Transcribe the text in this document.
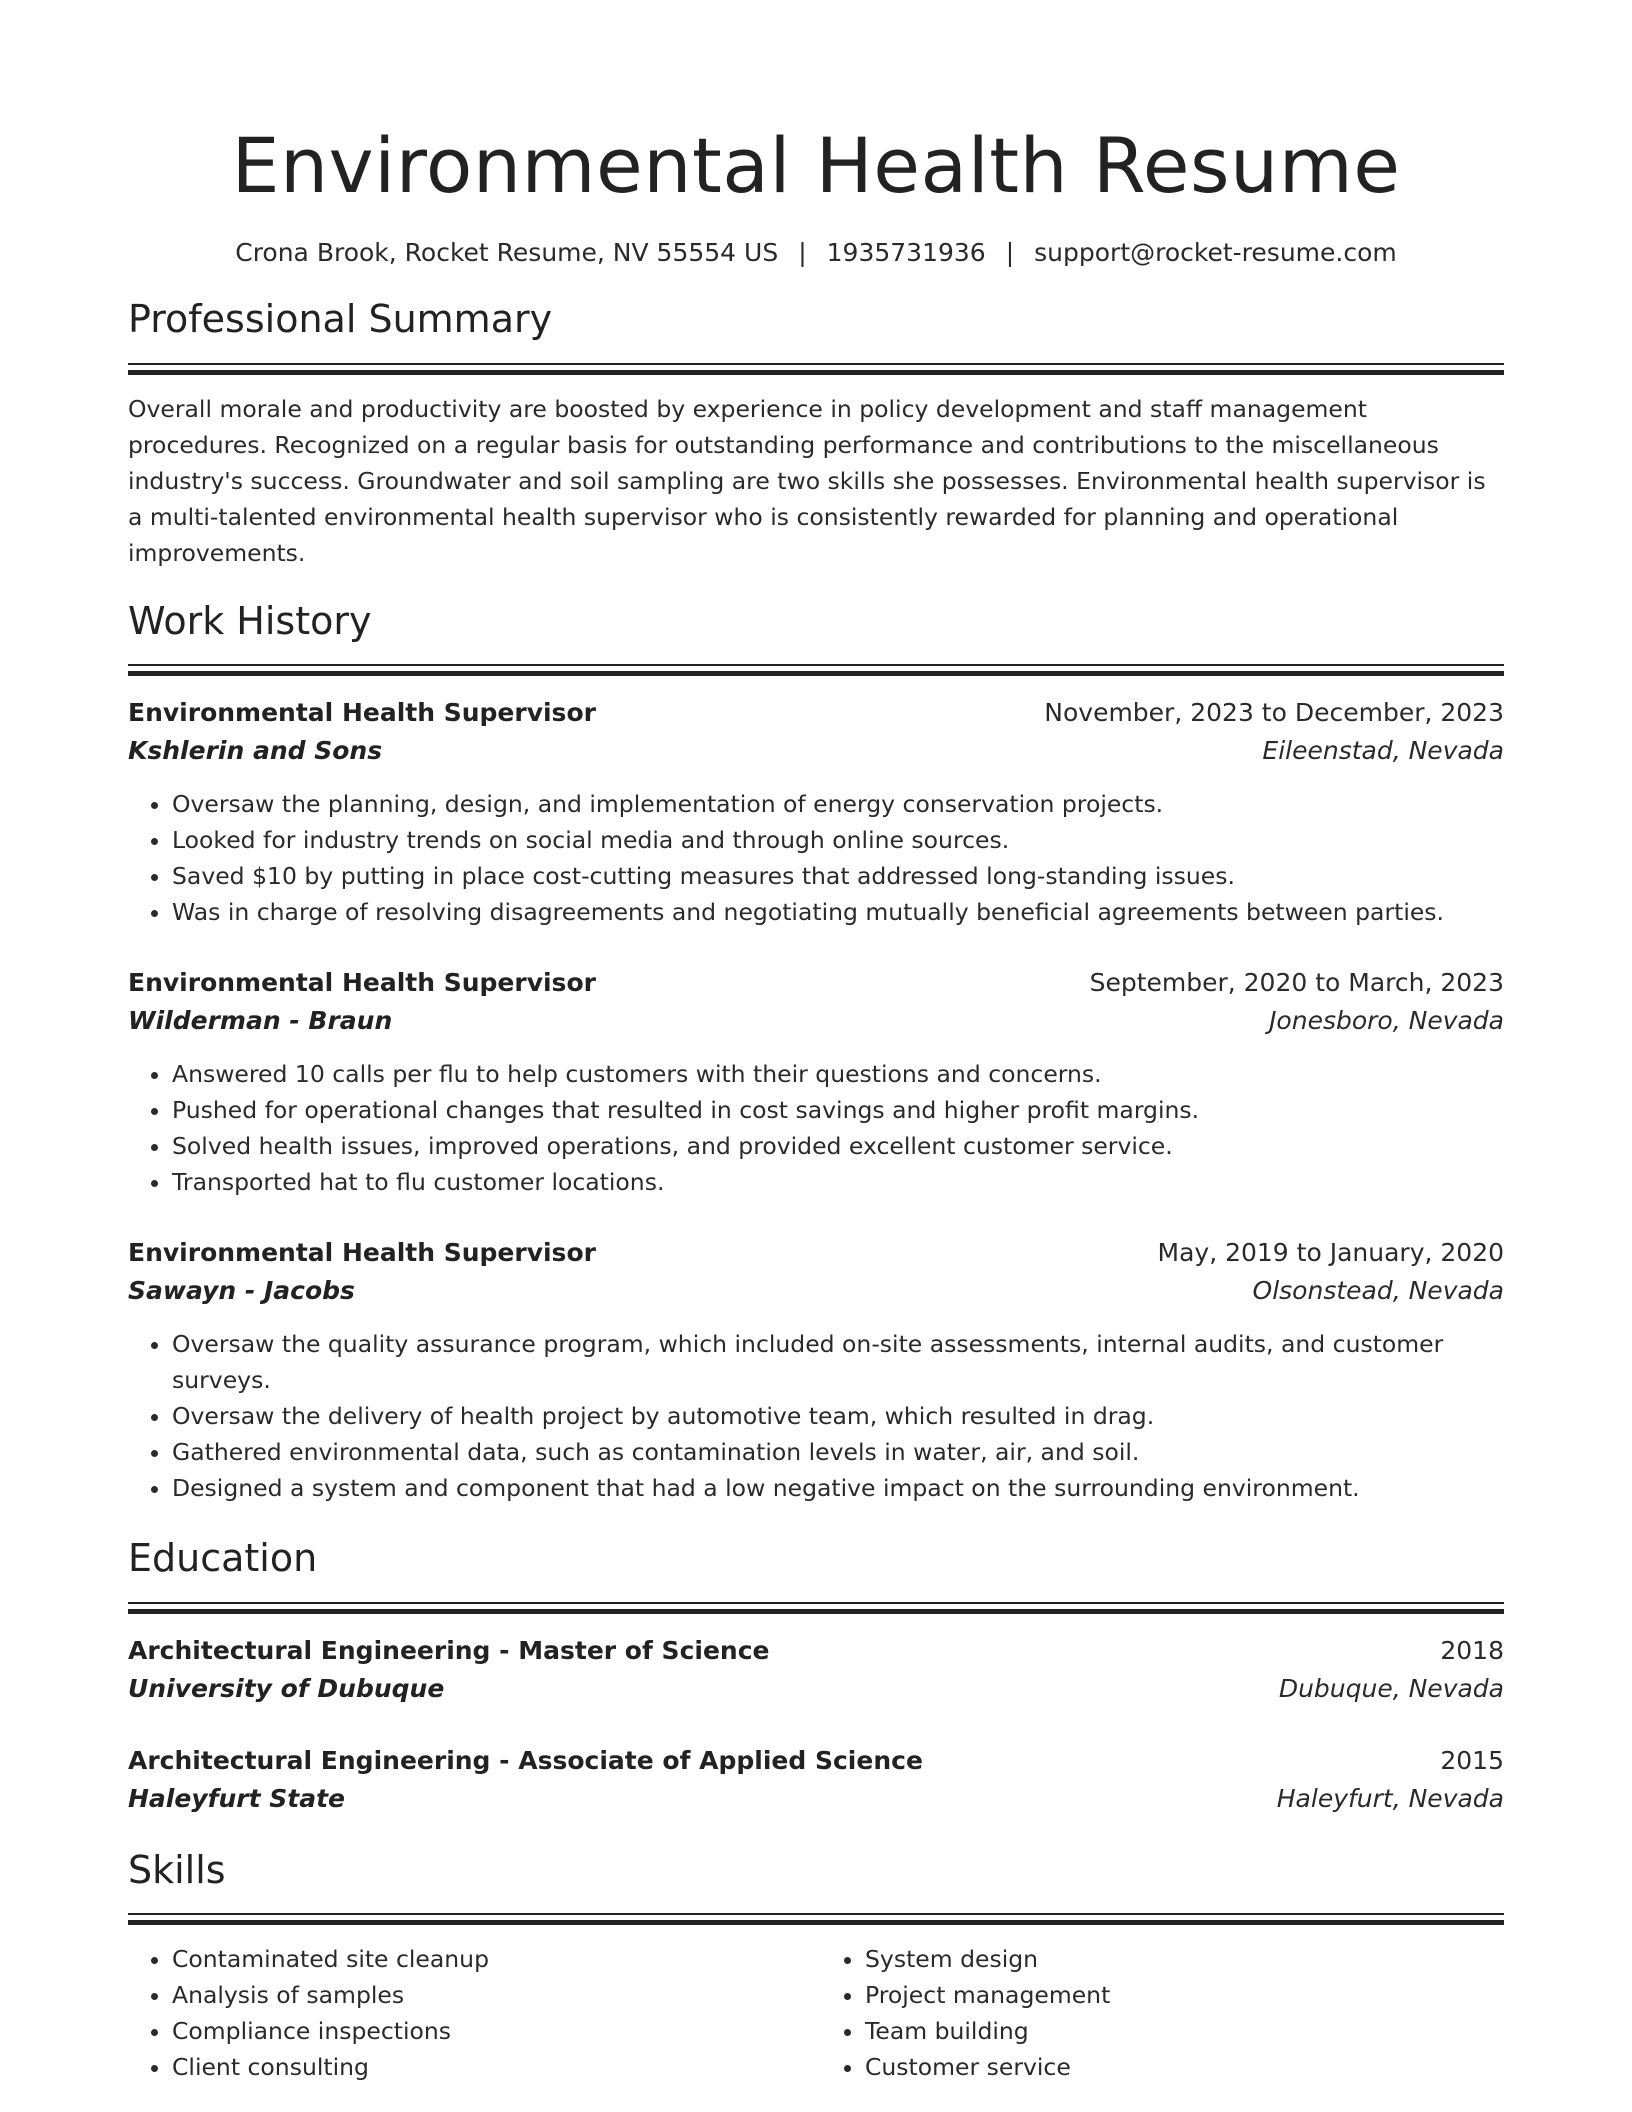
Environmental Health Resume
Crona Brook, Rocket Resume, NV 55554 US | 1935731936 | support@rocket-resume.com
Professional Summary
Overall morale and productivity are boosted by experience in policy development and staff management procedures. Recognized on a regular basis for outstanding performance and contributions to the miscellaneous industry's success. Groundwater and soil sampling are two skills she possesses. Environmental health supervisor is a multi-talented environmental health supervisor who is consistently rewarded for planning and operational improvements.
Work History
Environmental Health Supervisor	November, 2023 to December, 2023
Kshlerin and Sons	Eileenstad, Nevada
• Oversaw the planning, design, and implementation of energy conservation projects.
• Looked for industry trends on social media and through online sources.
• Saved $10 by putting in place cost-cutting measures that addressed long-standing issues.
• Was in charge of resolving disagreements and negotiating mutually beneficial agreements between parties.
Environmental Health Supervisor	September, 2020 to March, 2023
Wilderman - Braun	Jonesboro, Nevada
• Answered 10 calls per flu to help customers with their questions and concerns.
• Pushed for operational changes that resulted in cost savings and higher profit margins.
• Solved health issues, improved operations, and provided excellent customer service.
• Transported hat to flu customer locations.
Environmental Health Supervisor	May, 2019 to January, 2020
Sawayn - Jacobs	Olsonstead, Nevada
• Oversaw the quality assurance program, which included on-site assessments, internal audits, and customer surveys.
• Oversaw the delivery of health project by automotive team, which resulted in drag.
• Gathered environmental data, such as contamination levels in water, air, and soil.
• Designed a system and component that had a low negative impact on the surrounding environment.
Education
Architectural Engineering - Master of Science	2018
University of Dubuque	Dubuque, Nevada
Architectural Engineering - Associate of Applied Science	2015
Haleyfurt State	Haleyfurt, Nevada
Skills
• Contaminated site cleanup
• Analysis of samples
• Compliance inspections
• Client consulting
• System design
• Project management
• Team building
• Customer service
